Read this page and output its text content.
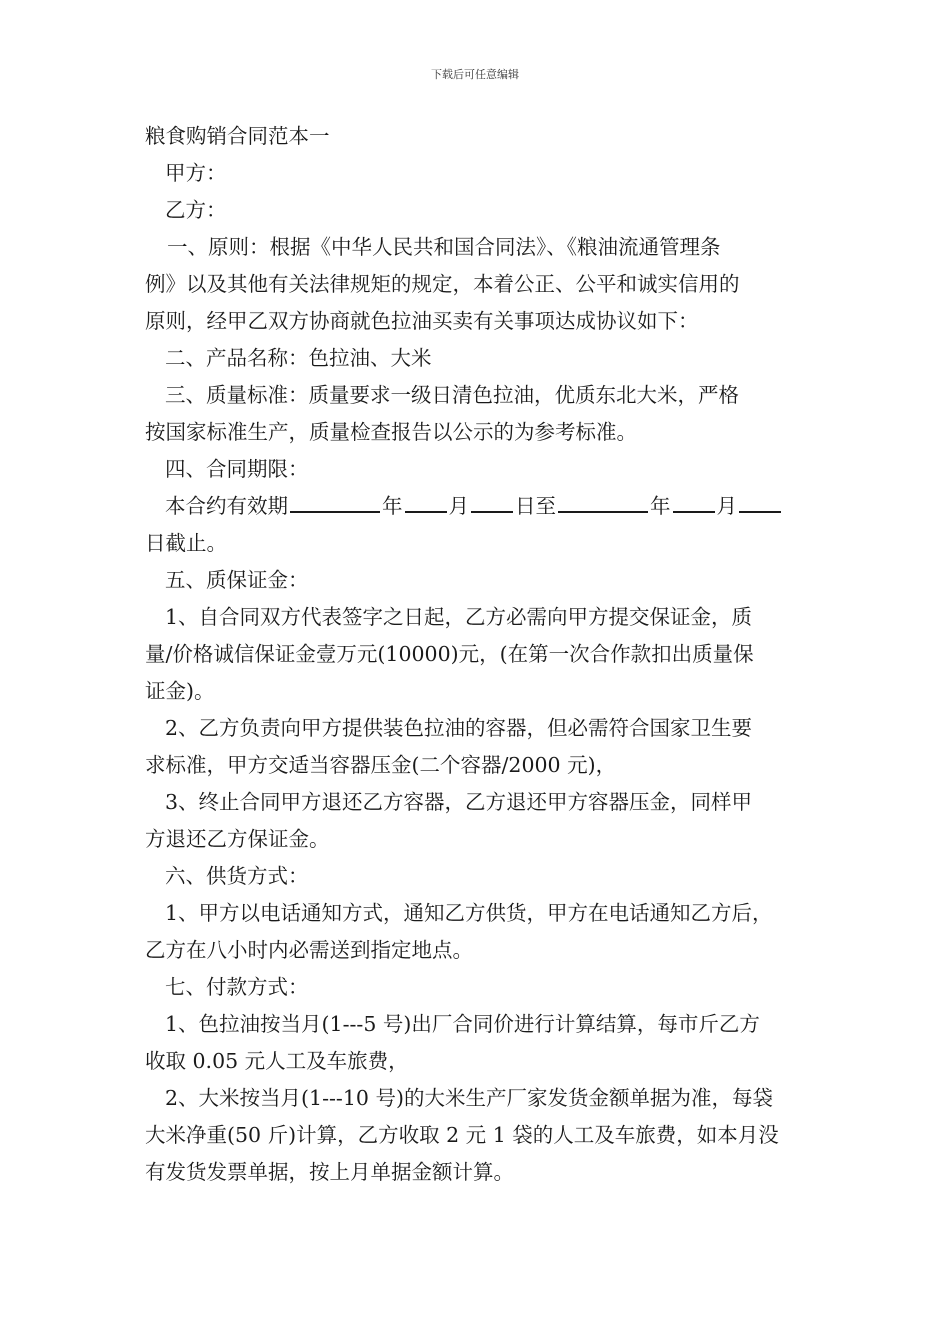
下载后可任意编辑
粮食购销合同范本一
甲方：
乙方：
一、原则：根据《中华人民共和国合同法》、《粮油流通管理条
例》以及其他有关法律规矩的规定，本着公正、公平和诚实信用的
原则，经甲乙双方协商就色拉油买卖有关事项达成协议如下：
二、产品名称：色拉油、大米
三、质量标准：质量要求一级日清色拉油，优质东北大米，严格
按国家标准生产，质量检查报告以公示的为参考标准。
四、合同期限：
本合约有效期	年 月 日至	年 月
日截止。
五、质保证金：
1、自合同双方代表签字之日起，乙方必需向甲方提交保证金，质
量/价格诚信保证金壹万元(10000)元，(在第一次合作款扣出质量保
证金)。
2、乙方负责向甲方提供装色拉油的容器，但必需符合国家卫生要
求标准，甲方交适当容器压金(二个容器/2000 元)，
3、终止合同甲方退还乙方容器，乙方退还甲方容器压金，同样甲
方退还乙方保证金。
六、供货方式：
1、甲方以电话通知方式，通知乙方供货，甲方在电话通知乙方后，
乙方在八小时内必需送到指定地点。
七、付款方式：
1、色拉油按当月(1---5 号)出厂合同价进行计算结算，每市斤乙方
收取 0.05 元人工及车旅费，
2、大米按当月(1---10 号)的大米生产厂家发货金额单据为准，每袋
大米净重(50 斤)计算，乙方收取 2 元 1 袋的人工及车旅费，如本月没
有发货发票单据，按上月单据金额计算。
